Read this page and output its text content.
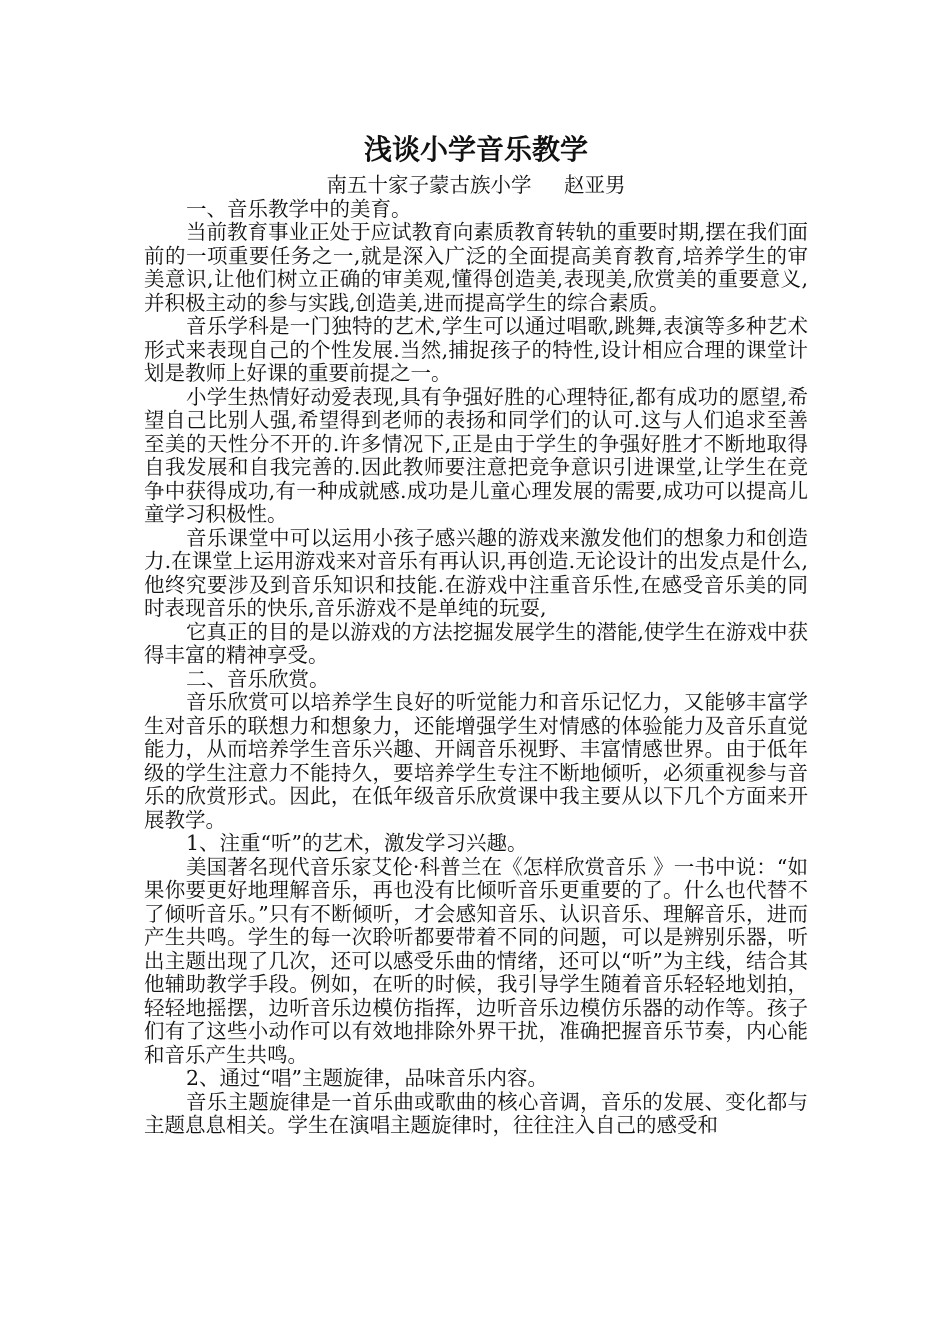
浅谈小学音乐教学

南五十家子蒙古族小学     赵亚男

一、音乐教学中的美育。

当前教育事业正处于应试教育向素质教育转轨的重要时期,摆在我们面前的一项重要任务之一,就是深入广泛的全面提高美育教育,培养学生的审美意识,让他们树立正确的审美观,懂得创造美,表现美,欣赏美的重要意义,并积极主动的参与实践,创造美,进而提高学生的综合素质。

音乐学科是一门独特的艺术,学生可以通过唱歌,跳舞,表演等多种艺术形式来表现自己的个性发展.当然,捕捉孩子的特性,设计相应合理的课堂计划是教师上好课的重要前提之一。

小学生热情好动爱表现,具有争强好胜的心理特征,都有成功的愿望,希望自己比别人强,希望得到老师的表扬和同学们的认可.这与人们追求至善至美的天性分不开的.许多情况下,正是由于学生的争强好胜才不断地取得自我发展和自我完善的.因此教师要注意把竞争意识引进课堂,让学生在竞争中获得成功,有一种成就感.成功是儿童心理发展的需要,成功可以提高儿童学习积极性。

音乐课堂中可以运用小孩子感兴趣的游戏来激发他们的想象力和创造力.在课堂上运用游戏来对音乐有再认识,再创造.无论设计的出发点是什么,他终究要涉及到音乐知识和技能.在游戏中注重音乐性,在感受音乐美的同时表现音乐的快乐,音乐游戏不是单纯的玩耍,

它真正的目的是以游戏的方法挖掘发展学生的潜能,使学生在游戏中获得丰富的精神享受。

二、音乐欣赏。

音乐欣赏可以培养学生良好的听觉能力和音乐记忆力，又能够丰富学生对音乐的联想力和想象力，还能增强学生对情感的体验能力及音乐直觉能力，从而培养学生音乐兴趣、开阔音乐视野、丰富情感世界。由于低年级的学生注意力不能持久，要培养学生专注不断地倾听，必须重视参与音乐的欣赏形式。因此，在低年级音乐欣赏课中我主要从以下几个方面来开展教学。

1、注重“听”的艺术，激发学习兴趣。

美国著名现代音乐家艾伦·科普兰在《怎样欣赏音乐 》一书中说：“如果你要更好地理解音乐，再也没有比倾听音乐更重要的了。什么也代替不了倾听音乐。”只有不断倾听，才会感知音乐、认识音乐、理解音乐，进而产生共鸣。学生的每一次聆听都要带着不同的问题，可以是辨别乐器，听出主题出现了几次，还可以感受乐曲的情绪，还可以“听”为主线，结合其他辅助教学手段。例如，在听的时候，我引导学生随着音乐轻轻地划拍，轻轻地摇摆，边听音乐边模仿指挥，边听音乐边模仿乐器的动作等。孩子们有了这些小动作可以有效地排除外界干扰，准确把握音乐节奏，内心能和音乐产生共鸣。

2、通过“唱”主题旋律，品味音乐内容。

音乐主题旋律是一首乐曲或歌曲的核心音调，音乐的发展、变化都与主题息息相关。学生在演唱主题旋律时，往往注入自己的感受和
